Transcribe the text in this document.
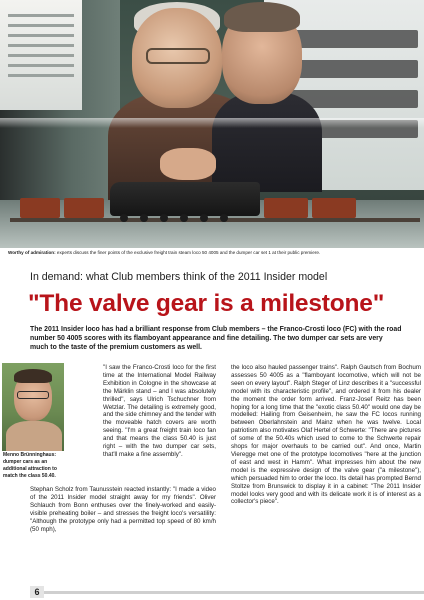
Worthy of admiration: experts discuss the finer points of the exclusive freight train steam loco 50 4005 and the dumper car set 1 at their public premiere.
In demand: what Club members think of the 2011 Insider model
"The valve gear is a milestone"
The 2011 Insider loco has had a brilliant response from Club members – the Franco-Crosti loco (FC) with the road number 50 4005 scores with its flamboyant appearance and fine detailing. The two dumper car sets are very much to the taste of the premium customers as well.
Menno Brünninghaus: dumper cars as an additional attraction to match the class 50.40.
"I saw the Franco-Crosti loco for the first time at the International Model Railway Exhibition in Cologne in the showcase at the Märklin stand – and I was absolutely thrilled", says Ulrich Tschuchner from Wetzlar. The detailing is extremely good, and the side chimney and the tender with the moveable hatch covers are worth seeing. "I'm a great freight train loco fan and that means the class 50.40 is just right – with the two dumper car sets, that'll make a fine assembly".
Stephan Scholz from Taunusstein reacted instantly: "I made a video of the 2011 Insider model straight away for my friends". Oliver Schlauch from Bonn enthuses over the finely-worked and easily-visible preheating boiler – and stresses the freight loco's versatility: "Although the prototype only had a permitted top speed of 80 km/h (50 mph),
the loco also hauled passenger trains". Ralph Gautsch from Bochum assesses 50 4005 as a "flamboyant locomotive, which will not be seen on every layout". Ralph Steger of Linz describes it a "successful model with its characteristic profile", and ordered it from his dealer the moment the order form arrived. Franz-Josef Reitz has been hoping for a long time that the "exotic class 50.40" would one day be modelled: Hailing from Geisenheim, he saw the FC locos running between Oberlahnstein and Mainz when he was twelve. Local patriotism also motivates Olaf Hertel of Schwerte: "There are pictures of some of the 50.40s which used to come to the Schwerte repair shops for major overhauls to be carried out". And once, Martin Vieregge met one of the prototype locomotives "here at the junction of east and west in Hamm". What impresses him about the new model is the expressive design of the valve gear ("a milestone"), which persuaded him to order the loco. Its detail has prompted Bernd Stoltze from Brunswick to display it in a cabinet: "The 2011 Insider model looks very good and with its delicate work it is of interest as a collector's piece".
6
